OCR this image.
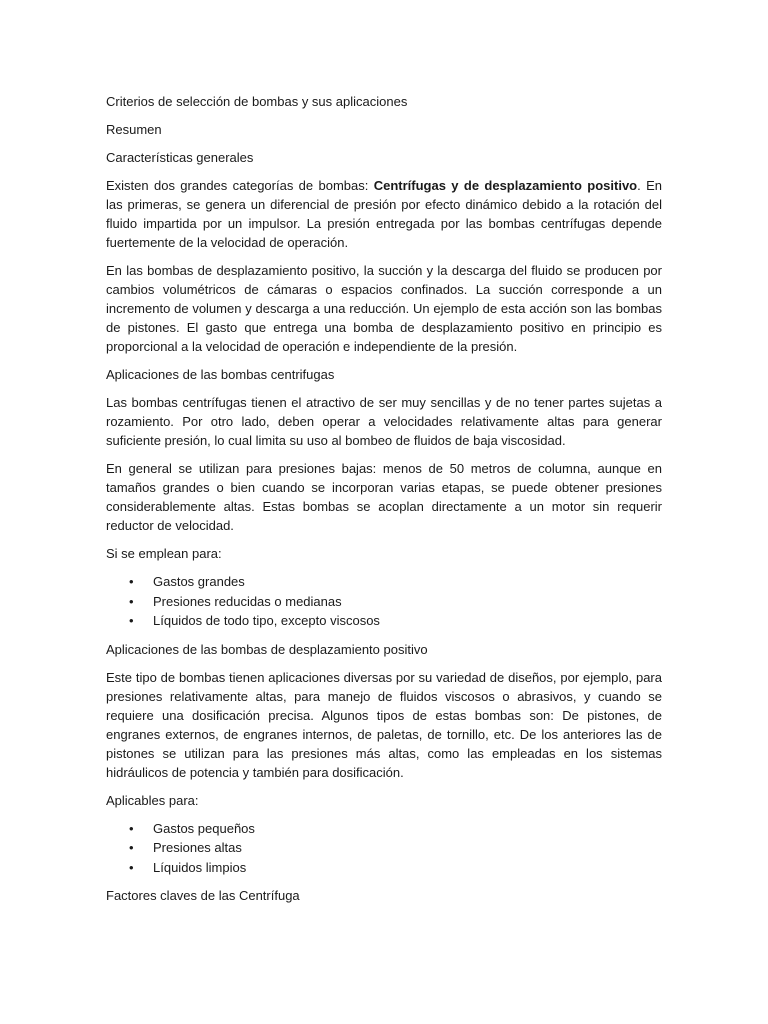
Criterios de selección de bombas y sus aplicaciones
Resumen
Características generales

Existen dos grandes categorías de bombas: Centrífugas y de desplazamiento positivo. En las primeras, se genera un diferencial de presión por efecto dinámico debido a la rotación del fluido impartida por un impulsor. La presión entregada por las bombas centrífugas depende fuertemente de la velocidad de operación.

En las bombas de desplazamiento positivo, la succión y la descarga del fluido se producen por cambios volumétricos de cámaras o espacios confinados. La succión corresponde a un incremento de volumen y descarga a una reducción. Un ejemplo de esta acción son las bombas de pistones. El gasto que entrega una bomba de desplazamiento positivo en principio es proporcional a la velocidad de operación e independiente de la presión.

Aplicaciones de las bombas centrifugas

Las bombas centrífugas tienen el atractivo de ser muy sencillas y de no tener partes sujetas a rozamiento. Por otro lado, deben operar a velocidades relativamente altas para generar suficiente presión, lo cual limita su uso al bombeo de fluidos de baja viscosidad.

En general se utilizan para presiones bajas: menos de 50 metros de columna, aunque en tamaños grandes o bien cuando se incorporan varias etapas, se puede obtener presiones considerablemente altas. Estas bombas se acoplan directamente a un motor sin requerir reductor de velocidad.

Si se emplean para:
• Gastos grandes
• Presiones reducidas o medianas
• Líquidos de todo tipo, excepto viscosos
Aplicaciones de las bombas de desplazamiento positivo

Este tipo de bombas tienen aplicaciones diversas por su variedad de diseños, por ejemplo, para presiones relativamente altas, para manejo de fluidos viscosos o abrasivos, y cuando se requiere una dosificación precisa. Algunos tipos de estas bombas son: De pistones, de engranes externos, de engranes internos, de paletas, de tornillo, etc. De los anteriores las de pistones se utilizan para las presiones más altas, como las empleadas en los sistemas hidráulicos de potencia y también para dosificación.

Aplicables para:
• Gastos pequeños
• Presiones altas
• Líquidos limpios
Factores claves de las Centrífuga
